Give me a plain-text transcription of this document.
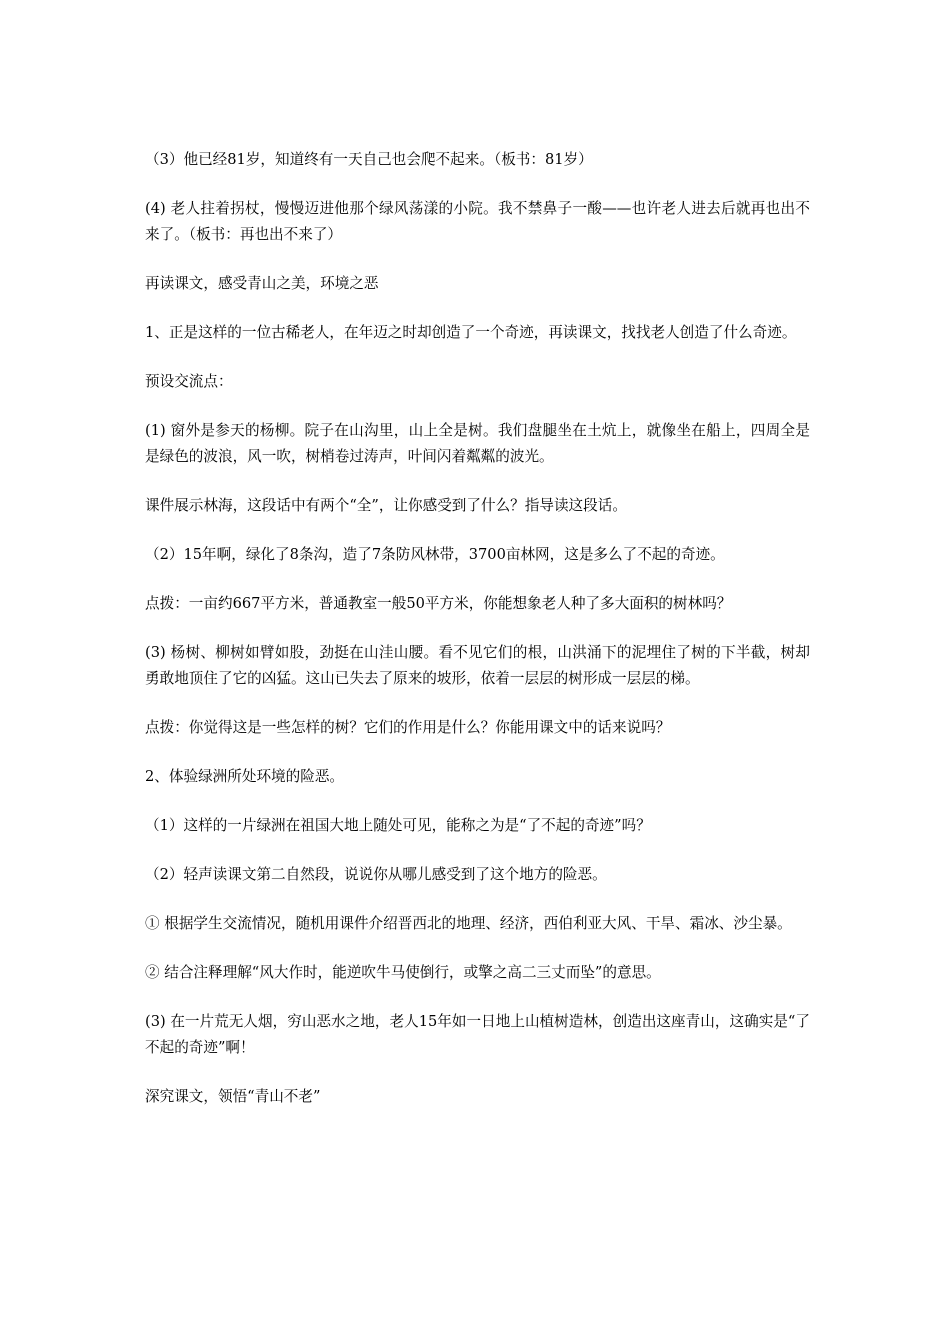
（3）他已经81岁，知道终有一天自己也会爬不起来。（板书：81岁）

(4) 老人拄着拐杖，慢慢迈进他那个绿风荡漾的小院。我不禁鼻子一酸——也许老人进去后就再也出不来了。（板书：再也出不来了）

再读课文，感受青山之美，环境之恶

1、正是这样的一位古稀老人，在年迈之时却创造了一个奇迹，再读课文，找找老人创造了什么奇迹。

预设交流点：

(1) 窗外是参天的杨柳。院子在山沟里，山上全是树。我们盘腿坐在土炕上，就像坐在船上，四周全是是绿色的波浪，风一吹，树梢卷过涛声，叶间闪着粼粼的波光。

课件展示林海，这段话中有两个“全”，让你感受到了什么？指导读这段话。

（2）15年啊，绿化了8条沟，造了7条防风林带，3700亩林网，这是多么了不起的奇迹。

点拨：一亩约667平方米，普通教室一般50平方米，你能想象老人种了多大面积的树林吗？

(3) 杨树、柳树如臂如股，劲挺在山洼山腰。看不见它们的根，山洪涌下的泥埋住了树的下半截，树却勇敢地顶住了它的凶猛。这山已失去了原来的坡形，依着一层层的树形成一层层的梯。

点拨：你觉得这是一些怎样的树？它们的作用是什么？你能用课文中的话来说吗？

2、体验绿洲所处环境的险恶。

（1）这样的一片绿洲在祖国大地上随处可见，能称之为是“了不起的奇迹”吗？

（2）轻声读课文第二自然段，说说你从哪儿感受到了这个地方的险恶。

① 根据学生交流情况，随机用课件介绍晋西北的地理、经济，西伯利亚大风、干旱、霜冰、沙尘暴。

② 结合注释理解“风大作时，能逆吹牛马使倒行，或擎之高二三丈而坠”的意思。

(3) 在一片荒无人烟，穷山恶水之地，老人15年如一日地上山植树造林，创造出这座青山，这确实是“了不起的奇迹”啊！

深究课文，领悟“青山不老”
